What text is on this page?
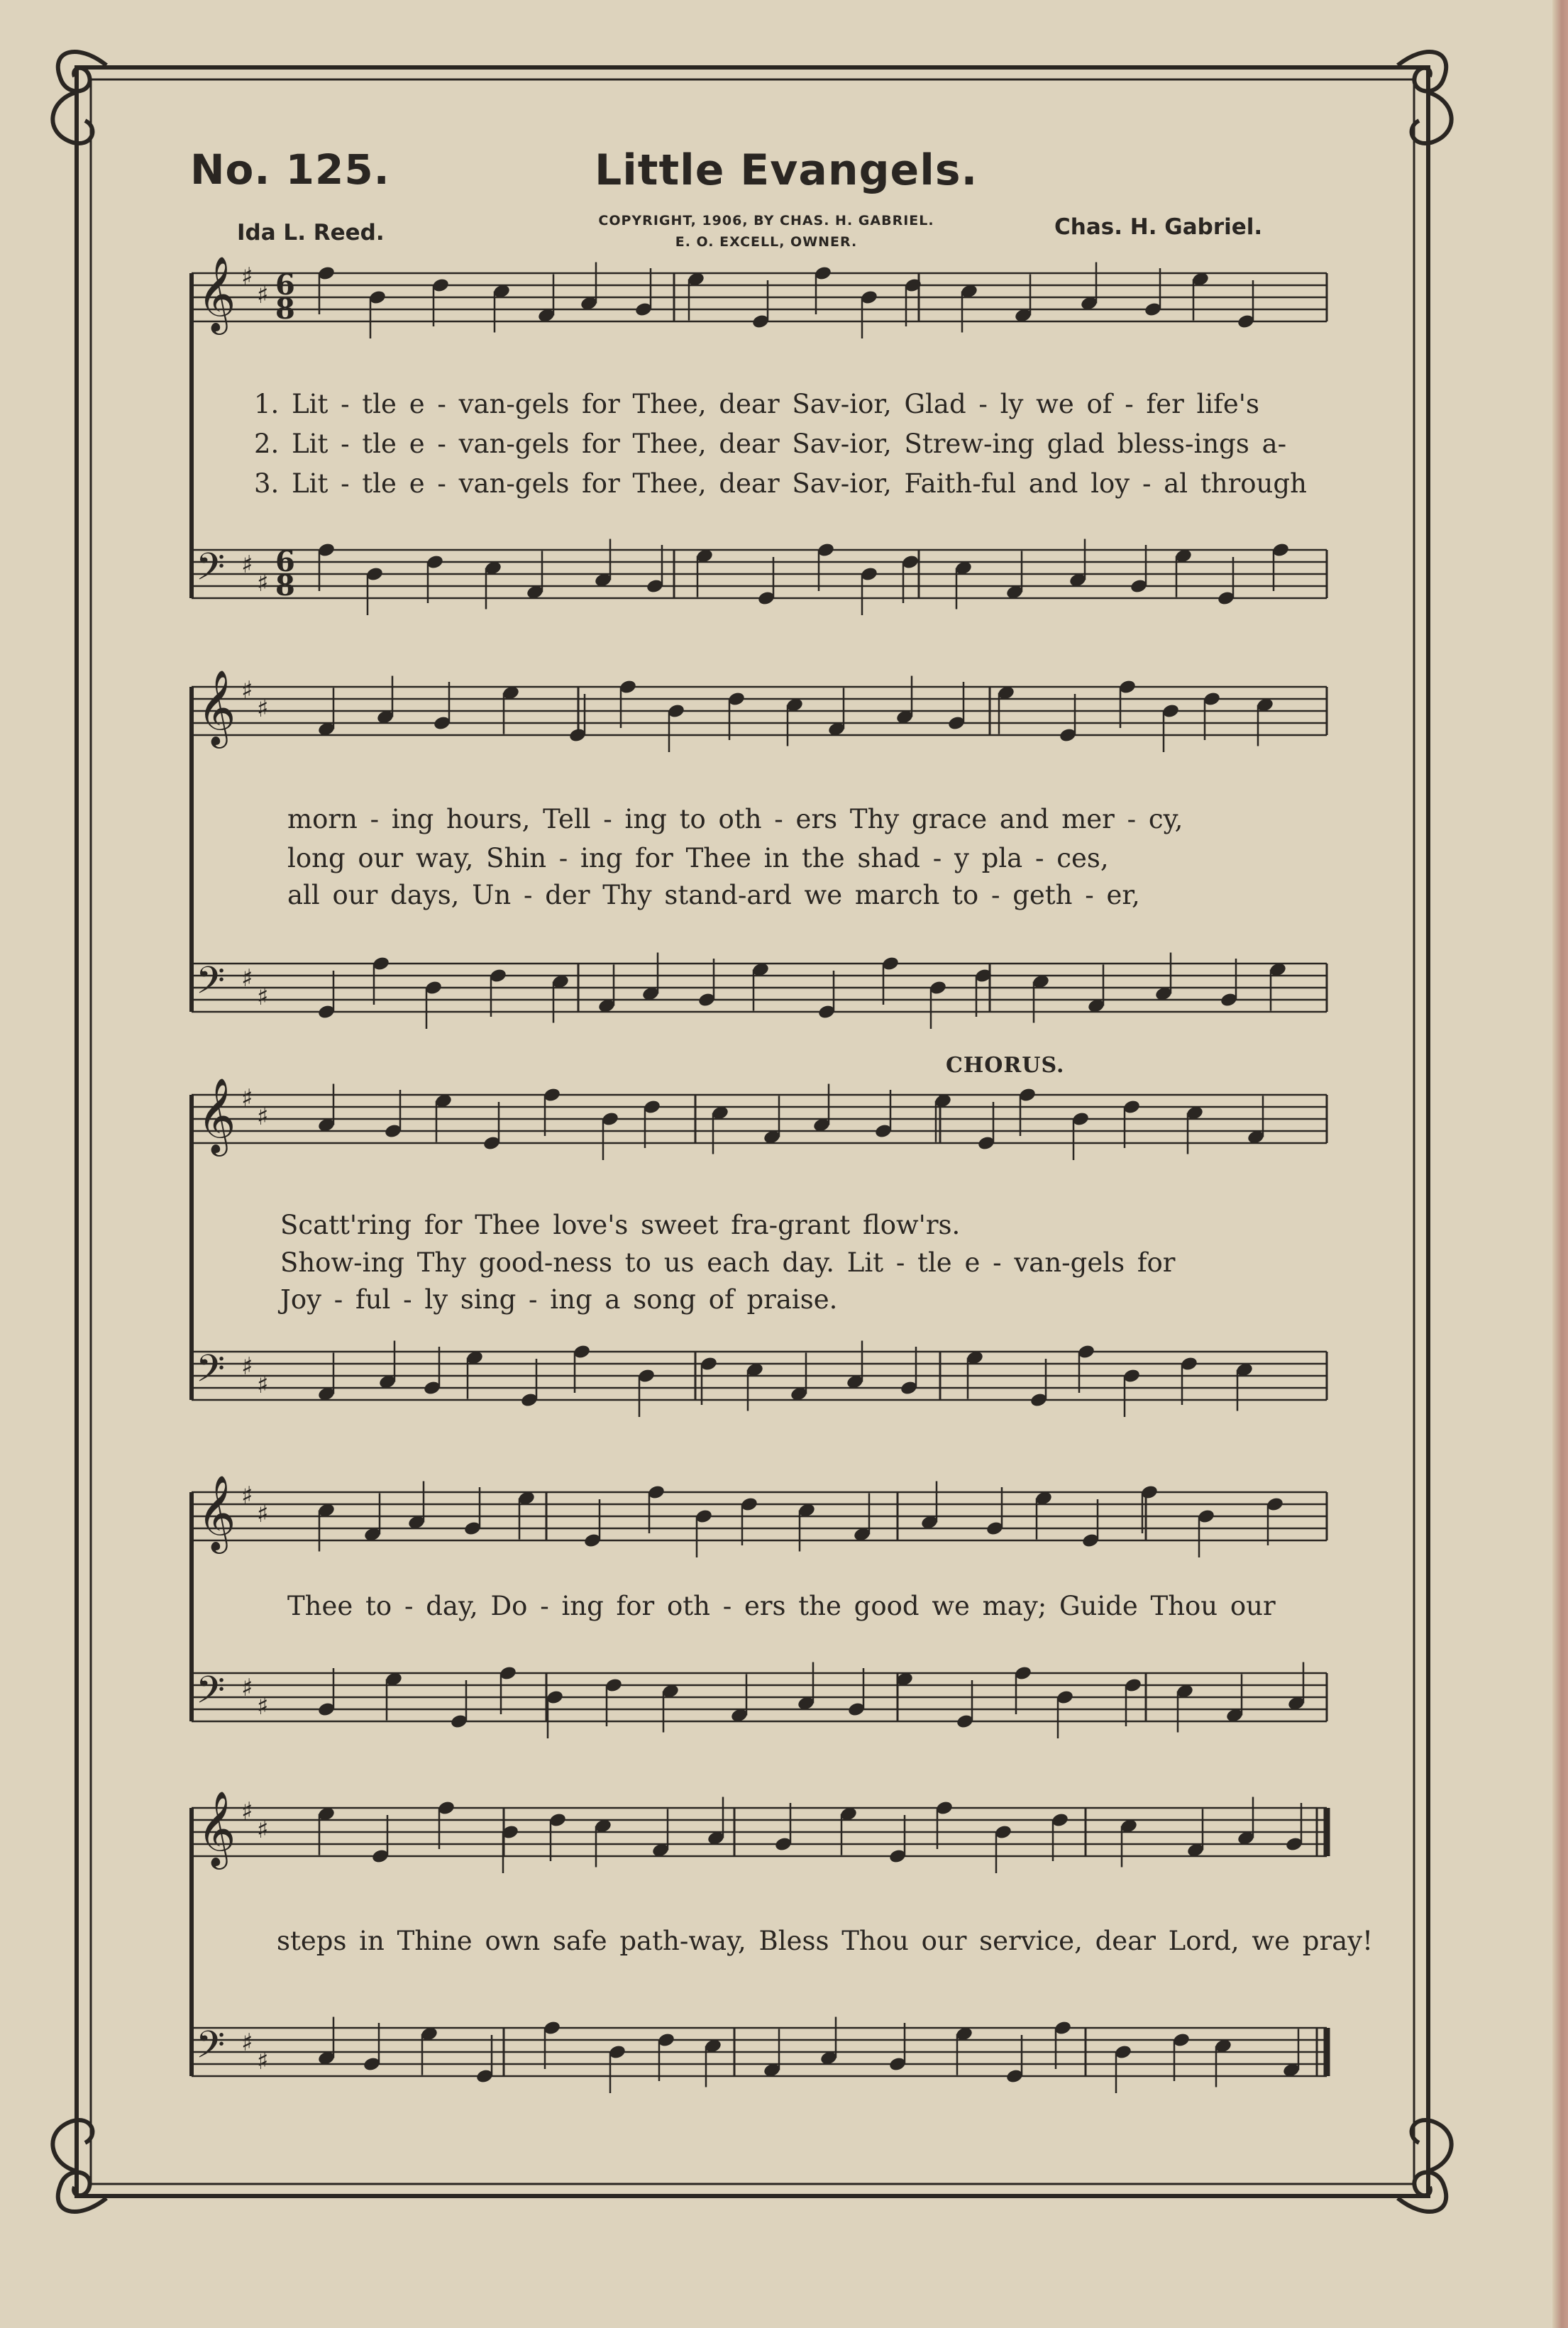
𝄞
𝄢
♯
♯
♯
♯
6
6
8
8
𝄞
𝄢
♯
♯
♯
♯
𝄞
𝄢
♯
♯
♯
♯
𝄞
𝄢
♯
♯
♯
♯
𝄞
𝄢
♯
♯
♯
♯
No. 125.	Little Evangels.
Ida L. Reed.	COPYRIGHT, 1906, BY CHAS. H. GABRIEL.
E. O. EXCELL, OWNER.
Chas. H. Gabriel.
CHORUS.
1. Lit - tle e - van-gels for Thee, dear Sav-ior, Glad - ly we of - fer life's
2. Lit - tle e - van-gels for Thee, dear Sav-ior, Strew-ing glad bless-ings a-
3. Lit - tle e - van-gels for Thee, dear Sav-ior, Faith-ful and loy - al through
morn - ing hours, Tell - ing to oth - ers Thy grace and mer - cy,
long our way, Shin - ing for Thee in the shad - y pla - ces,
all our days, Un - der Thy stand-ard we march to - geth - er,
Scatt'ring for Thee love's sweet fra-grant flow'rs.
Show-ing Thy good-ness to us each day. Lit - tle e - van-gels for
Joy - ful - ly sing - ing a song of praise.
Thee to - day, Do - ing for oth - ers the good we may; Guide Thou our
steps in Thine own safe path-way, Bless Thou our service, dear Lord, we pray!
